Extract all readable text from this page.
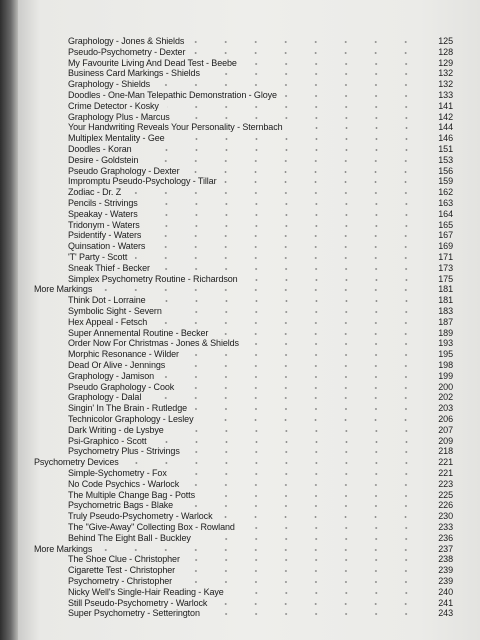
Graphology - Jones & Shields	125
Pseudo-Psychometry - Dexter	128
My Favourite Living And Dead Test - Beebe	129
Business Card Markings - Shields	132
Graphology - Shields	132
Doodles - One-Man Telepathic Demonstration - Gloye	133
Crime Detector - Kosky	141
Graphology Plus - Marcus	142
Your Handwriting Reveals Your Personality - Sternbach	144
Multiplex Mentality - Gee	146
Doodles - Koran	151
Desire - Goldstein	153
Pseudo Graphology - Dexter	156
Impromptu Pseudo-Psychology - Tillar	159
Zodiac - Dr. Z	162
Pencils - Strivings	163
Speakay - Waters	164
Tridonym - Waters	165
Psidentify - Waters	167
Quinsation - Waters	169
'T' Party - Scott	171
Sneak Thief - Becker	173
Simplex Psychometry Routine - Richardson	175
More Markings	181
Think Dot - Lorraine	181
Symbolic Sight - Severn	183
Hex Appeal - Fetsch	187
Super Annemental Routine - Becker	189
Order Now For Christmas - Jones & Shields	193
Morphic Resonance - Wilder	195
Dead Or Alive - Jennings	198
Graphology - Jamison	199
Pseudo Graphology - Cook	200
Graphology - Dalal	202
Singin' In The Brain - Rutledge	203
Technicolor Graphology - Lesley	206
Dark Writing - de Lysbye	207
Psi-Graphico - Scott	209
Psychometry Plus - Strivings	218
Psychometry Devices	221
Simple-Sychometry - Fox	221
No Code Psychics - Warlock	223
The Multiple Change Bag - Potts	225
Psychometric Bags - Blake	226
Truly Pseudo-Psychometry - Warlock	230
The "Give-Away" Collecting Box - Rowland	233
Behind The Eight Ball - Buckley	236
More Markings	237
The Shoe Clue - Christopher	238
Cigarette Test - Christopher	239
Psychometry - Christopher	239
Nicky Well's Single-Hair Reading - Kaye	240
Still Pseudo-Psychometry - Warlock	241
Super Psychometry - Setterington	243
